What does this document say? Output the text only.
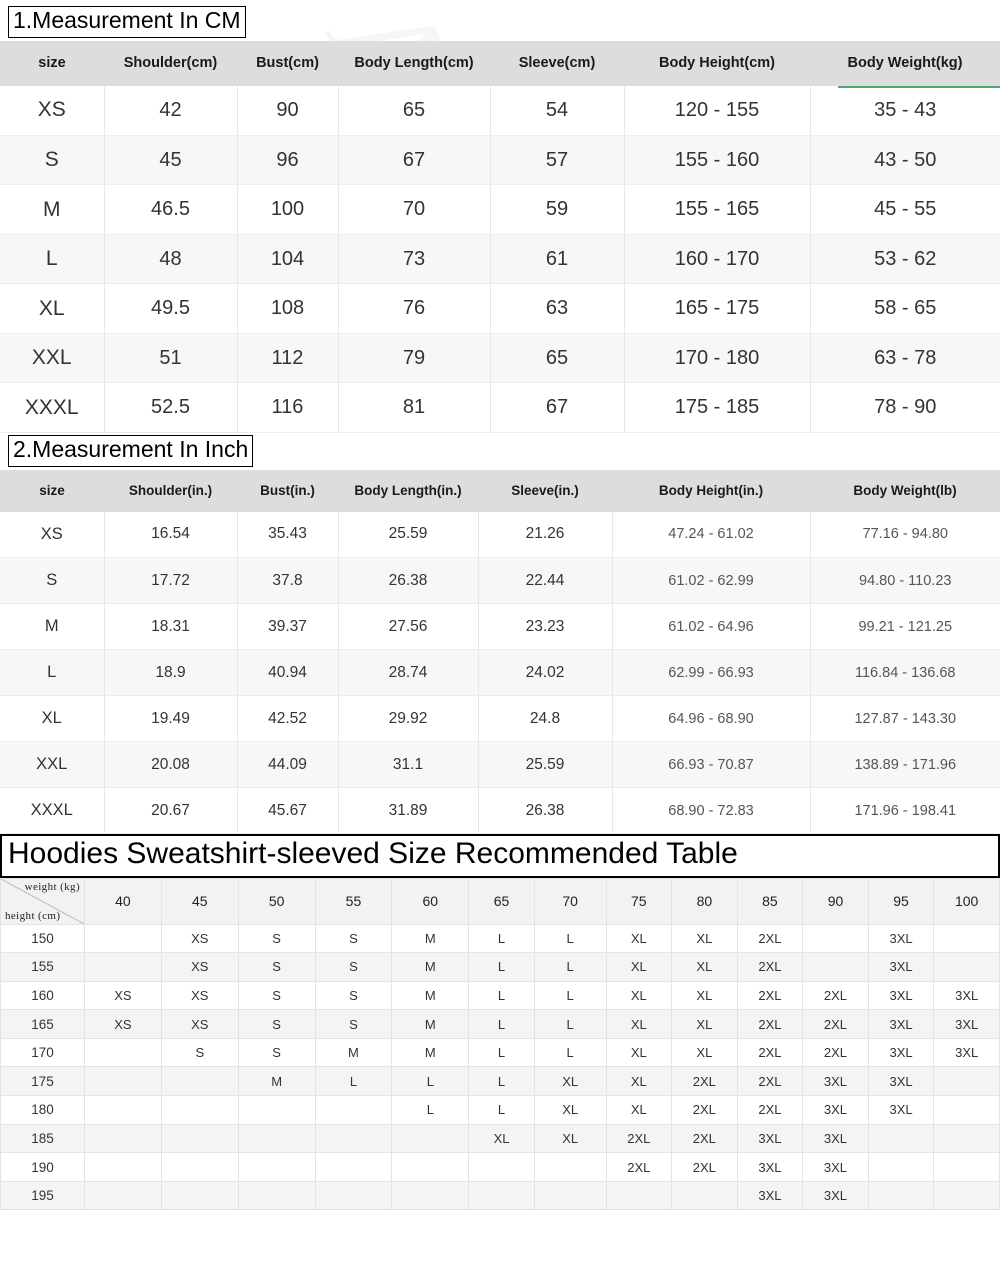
1.Measurement In CM
size	Shoulder(cm)	Bust(cm)	Body Length(cm)	Sleeve(cm)	Body Height(cm)	Body Weight(kg)
XS	42	90	65	54	120 - 155	35 - 43
S	45	96	67	57	155 - 160	43 - 50
M	46.5	100	70	59	155 - 165	45 - 55
L	48	104	73	61	160 - 170	53 - 62
XL	49.5	108	76	63	165 - 175	58 - 65
XXL	51	112	79	65	170 - 180	63 - 78
XXXL	52.5	116	81	67	175 - 185	78 - 90
2.Measurement In Inch
size	Shoulder(in.)	Bust(in.)	Body Length(in.)	Sleeve(in.)	Body Height(in.)	Body Weight(lb)
XS	16.54	35.43	25.59	21.26	47.24 - 61.02	77.16 - 94.80
S	17.72	37.8	26.38	22.44	61.02 - 62.99	94.80 - 110.23
M	18.31	39.37	27.56	23.23	61.02 - 64.96	99.21 - 121.25
L	18.9	40.94	28.74	24.02	62.99 - 66.93	116.84 - 136.68
XL	19.49	42.52	29.92	24.8	64.96 - 68.90	127.87 - 143.30
XXL	20.08	44.09	31.1	25.59	66.93 - 70.87	138.89 - 171.96
XXXL	20.67	45.67	31.89	26.38	68.90 - 72.83	171.96 - 198.41
Hoodies Sweatshirt-sleeved Size Recommended Table
weight (kg)
height (cm)	40	45	50	55	60	65	70	75	80	85	90	95	100
150		XS	S	S	M	L	L	XL	XL	2XL		3XL	
155		XS	S	S	M	L	L	XL	XL	2XL		3XL	
160	XS	XS	S	S	M	L	L	XL	XL	2XL	2XL	3XL	3XL
165	XS	XS	S	S	M	L	L	XL	XL	2XL	2XL	3XL	3XL
170		S	S	M	M	L	L	XL	XL	2XL	2XL	3XL	3XL
175			M	L	L	L	XL	XL	2XL	2XL	3XL	3XL	
180					L	L	XL	XL	2XL	2XL	3XL	3XL	
185						XL	XL	2XL	2XL	3XL	3XL		
190								2XL	2XL	3XL	3XL		
195										3XL	3XL		
